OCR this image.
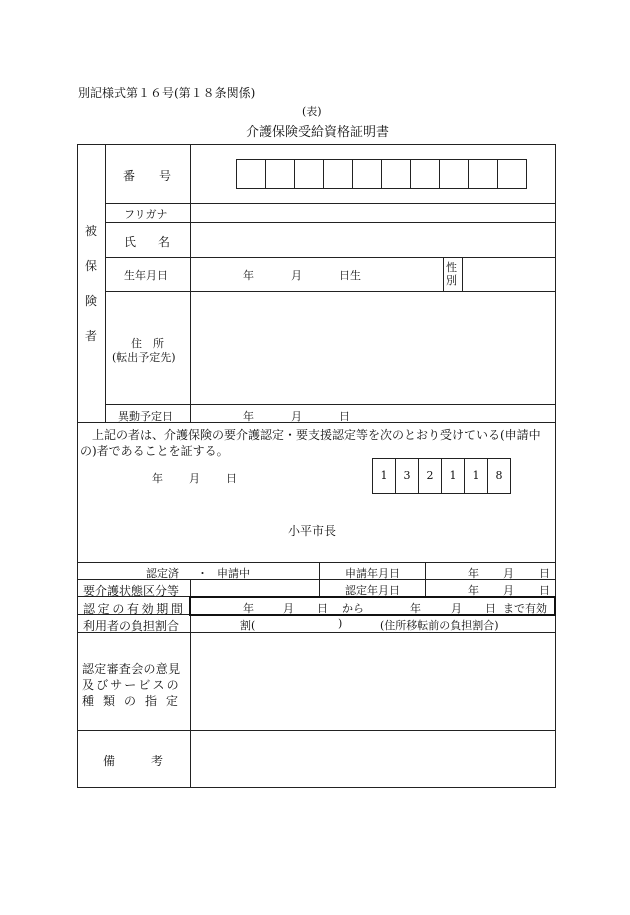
別記様式第１６号(第１８条関係)
(表)
介護保険受給資格証明書
被
保
険
者
番 号
フリガナ
氏 名
生年月日	年	月	日生
性
別
住 所
(転出予定先)
異動予定日	年	月	日
上記の者は、介護保険の要介護認定・要支援認定等を次のとおり受けている(申請中
の)者であることを証する。
年 月 日	1	3	2	1	1	8
小平市長
認定済 ・ 申請中	申請年月日	年 月 日
要介護状態区分等	認定年月日	年 月 日
認 定 の 有 効 期 間	年	月 日 から	年	月 日 まで有効
利用者の負担割合	割(	)	(住所移転前の負担割合)
認定審査会の意見
及びサービスの
種類の指定
備	考
